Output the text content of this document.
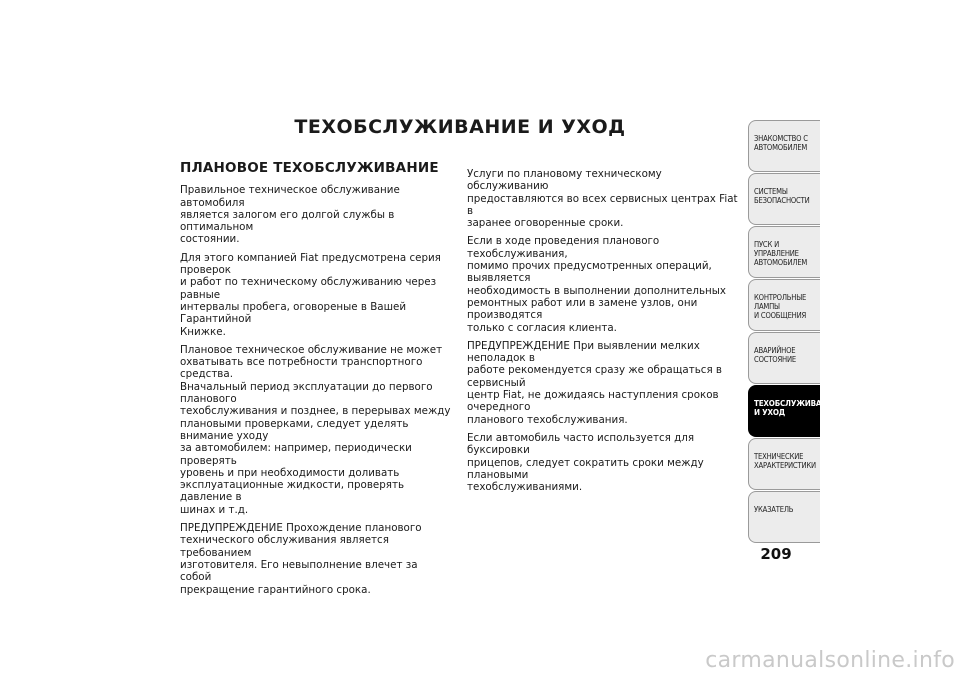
ТЕХОБСЛУЖИВАНИЕ И УХОД
ПЛАНОВОЕ ТЕХОБСЛУЖИВАНИЕ

Правильное техническое обслуживание автомобиля
является залогом его долгой службы в оптимальном
состоянии.

Для этого компанией Fiat предусмотрена серия проверок
и работ по техническому обслуживанию через равные
интервалы пробега, оговореные в Вашей Гарантийной
Книжке.

Плановое техническое обслуживание не может
охватывать все потребности транспортного средства.
Вначальный период эксплуатации до первого планового
техобслуживания и позднее, в перерывах между
плановыми проверками, следует уделять внимание уходу
за автомобилем: например, периодически проверять
уровень и при необходимости доливать
эксплуатационные жидкости, проверять давление в
шинах и т.д.

ПРЕДУПРЕЖДЕНИЕ Прохождение планового
технического обслуживания является требованием
изготовителя. Его невыполнение влечет за собой
прекращение гарантийного срока.

Услуги по плановому техническому обслуживанию
предоставляются во всех сервисных центрах Fiat в
заранее оговоренные сроки.

Если в ходе проведения планового техобслуживания,
помимо прочих предусмотренных операций, выявляется
необходимость в выполнении дополнительных
ремонтных работ или в замене узлов, они производятся
только с согласия клиента.

ПРЕДУПРЕЖДЕНИЕ При выявлении мелких неполадок в
работе рекомендуется сразу же обращаться в сервисный
центр Fiat, не дожидаясь наступления сроков очередного
планового техобслуживания.

Если автомобиль часто используется для буксировки
прицепов, следует сократить сроки между плановыми
техобслуживаниями.

ЗНАКОМСТВО С
АВТОМОБИЛЕМ
СИСТЕМЫ
БЕЗОПАСНОСТИ
ПУСК И УПРАВЛЕНИЕ
АВТОМОБИЛЕМ
КОНТРОЛЬНЫЕ
ЛАМПЫ
И СООБЩЕНИЯ
АВАРИЙНОЕ
СОСТОЯНИЕ
ТЕХОБСЛУЖИВАНИЕ
И УХОД
ТЕХНИЧЕСКИЕ
ХАРАКТЕРИСТИКИ
УКАЗАТЕЛЬ
209
carmanualsonline.info
